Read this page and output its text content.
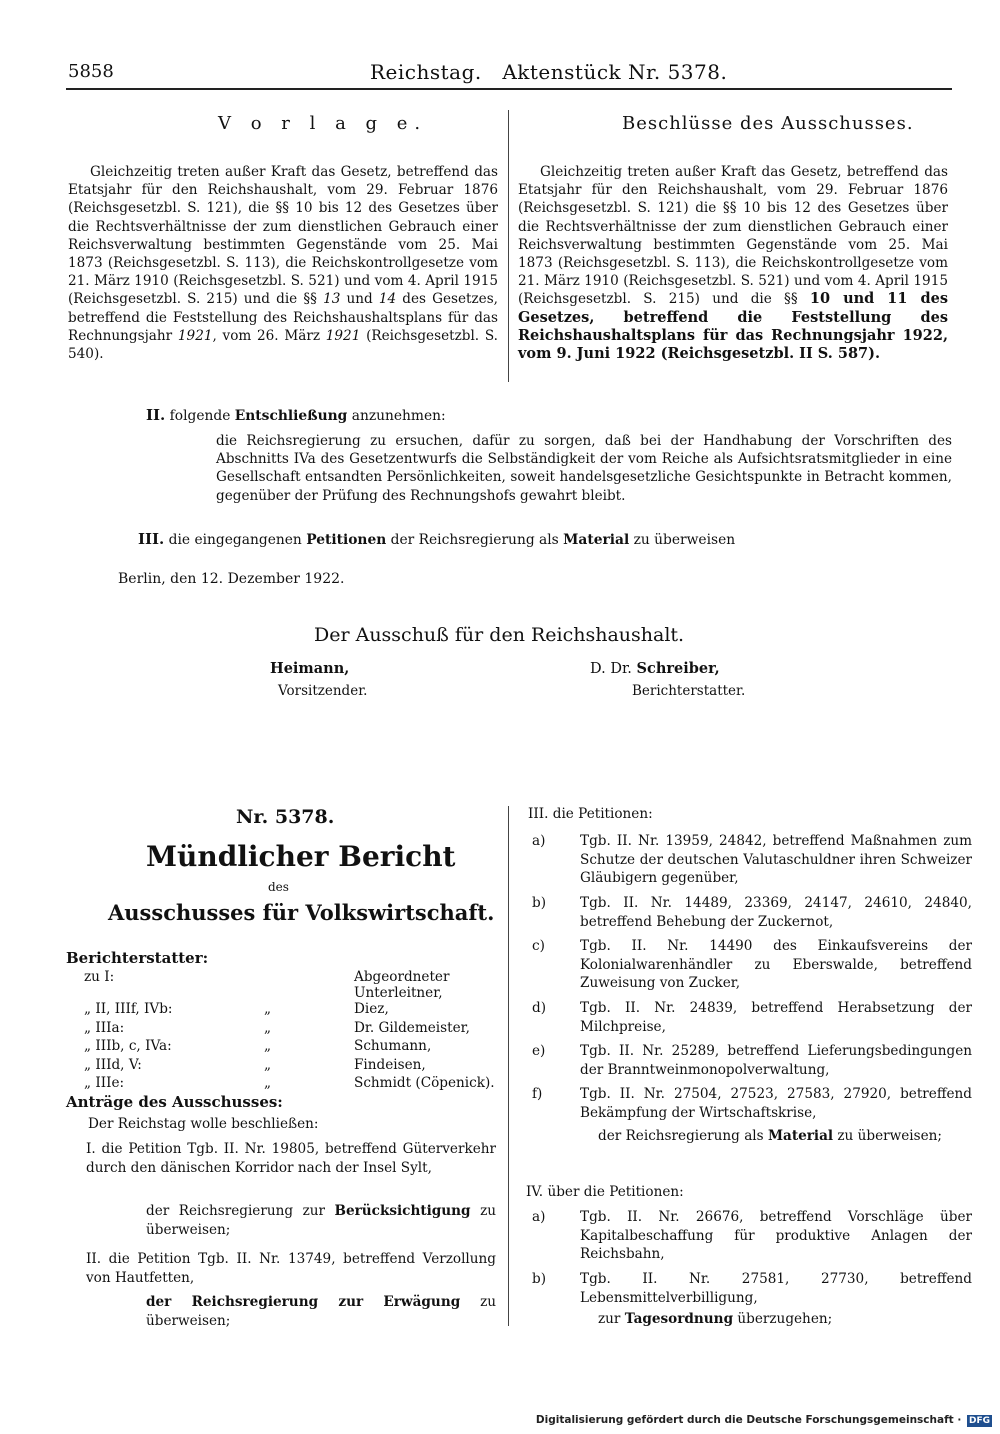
5858	Reichstag.   Aktenstück Nr. 5378.
V o r l a g e.	Beschlüsse des Ausschusses.
Gleichzeitig treten außer Kraft das Gesetz, betreffend das Etatsjahr für den Reichshaushalt, vom 29. Februar 1876 (Reichsgesetzbl. S. 121), die §§ 10 bis 12 des Gesetzes über die Rechtsverhältnisse der zum dienstlichen Gebrauch einer Reichsverwaltung bestimmten Gegenstände vom 25. Mai 1873 (Reichsgesetzbl. S. 113), die Reichskontrollgesetze vom 21. März 1910 (Reichsgesetzbl. S. 521) und vom 4. April 1915 (Reichsgesetzbl. S. 215) und die §§ 13 und 14 des Gesetzes, betreffend die Feststellung des Reichshaushaltsplans für das Rechnungsjahr 1921, vom 26. März 1921 (Reichsgesetzbl. S. 540).
Gleichzeitig treten außer Kraft das Gesetz, betreffend das Etatsjahr für den Reichshaushalt, vom 29. Februar 1876 (Reichsgesetzbl. S. 121) die §§ 10 bis 12 des Gesetzes über die Rechtsverhältnisse der zum dienstlichen Gebrauch einer Reichsverwaltung bestimmten Gegenstände vom 25. Mai 1873 (Reichsgesetzbl. S. 113), die Reichskontrollgesetze vom 21. März 1910 (Reichsgesetzbl. S. 521) und vom 4. April 1915 (Reichsgesetzbl. S. 215) und die §§ 10 und 11 des Gesetzes, betreffend die Feststellung des Reichshaushaltsplans für das Rechnungsjahr 1922, vom 9. Juni 1922 (Reichsgesetzbl. II S. 587).
II. folgende Entschließung anzunehmen:
die Reichsregierung zu ersuchen, dafür zu sorgen, daß bei der Handhabung der Vorschriften des Abschnitts IVa des Gesetzentwurfs die Selbständigkeit der vom Reiche als Aufsichtsratsmitglieder in eine Gesellschaft entsandten Persönlichkeiten, soweit handelsgesetzliche Gesichtspunkte in Betracht kommen, gegenüber der Prüfung des Rechnungshofs gewahrt bleibt.
III. die eingegangenen Petitionen der Reichsregierung als Material zu überweisen
Berlin, den 12. Dezember 1922.
Der Ausschuß für den Reichshaushalt.
Heimann,
Vorsitzender.
D. Dr. Schreiber,
Berichterstatter.
Nr. 5378.
Mündlicher Bericht
des
Ausschusses für Volkswirtschaft.
Berichterstatter:
zu I:		Abgeordneter Unterleitner,
„ II, IIIf, IVb:	„	Diez,
„ IIIa:	„	Dr. Gildemeister,
„ IIIb, c, IVa:	„	Schumann,
„ IIId, V:	„	Findeisen,
„ IIIe:	„	Schmidt (Cöpenick).
Anträge des Ausschusses:
Der Reichstag wolle beschließen:
I. die Petition Tgb. II. Nr. 19805, betreffend Güterverkehr durch den dänischen Korridor nach der Insel Sylt,
der Reichsregierung zur Berücksichtigung zu überweisen;
II. die Petition Tgb. II. Nr. 13749, betreffend Verzollung von Hautfetten,
der Reichsregierung zur Erwägung zu überweisen;
III. die Petitionen:
a)	Tgb. II. Nr. 13959, 24842, betreffend Maßnahmen zum Schutze der deutschen Valutaschuldner ihren Schweizer Gläubigern gegenüber,
b) Tgb. II. Nr. 14489, 23369, 24147, 24610, 24840, betreffend Behebung der Zuckernot,
c)	Tgb. II. Nr. 14490 des Einkaufsvereins der Kolonialwarenhändler zu Eberswalde, betreffend Zuweisung von Zucker,
d) Tgb. II. Nr. 24839, betreffend Herabsetzung der Milchpreise,
e)	Tgb. II. Nr. 25289, betreffend Lieferungsbedingungen der Branntweinmonopolverwaltung,
f)	Tgb. II. Nr. 27504, 27523, 27583, 27920, betreffend Bekämpfung der Wirtschaftskrise,
der Reichsregierung als Material zu überweisen;
IV. über die Petitionen:
a)	Tgb. II. Nr. 26676, betreffend Vorschläge über Kapitalbeschaffung für produktive Anlagen der Reichsbahn,
b) Tgb. II. Nr. 27581, 27730, betreffend Lebensmittelverbilligung,
zur Tagesordnung überzugehen;
Digitalisierung gefördert durch die Deutsche Forschungsgemeinschaft · DFG
